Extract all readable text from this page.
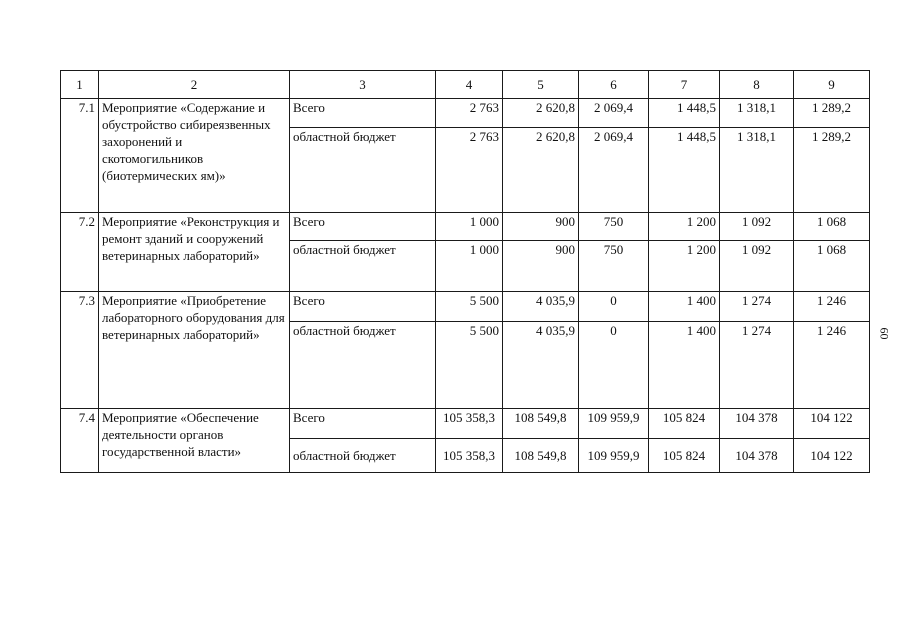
1	2	3	4	5	6	7	8	9
7.1	Мероприятие «Содержание и обустройство сибиреязвенных захоронений и скотомогильников (биотермических ям)»	Всего	2 763	2 620,8	2 069,4	1 448,5	1 318,1	1 289,2
		областной бюджет	2 763	2 620,8	2 069,4	1 448,5	1 318,1	1 289,2
7.2	Мероприятие «Реконструкция и ремонт зданий и сооружений ветеринарных лабораторий»	Всего	1 000	900	750	1 200	1 092	1 068
		областной бюджет	1 000	900	750	1 200	1 092	1 068
7.3	Мероприятие «Приобретение лабораторного оборудования для ветеринарных лабораторий»	Всего	5 500	4 035,9	0	1 400	1 274	1 246
		областной бюджет	5 500	4 035,9	0	1 400	1 274	1 246
7.4	Мероприятие «Обеспечение деятельности органов государственной власти»	Всего	105 358,3	108 549,8	109 959,9	105 824	104 378	104 122
		областной бюджет	105 358,3	108 549,8	109 959,9	105 824	104 378	104 122
60
